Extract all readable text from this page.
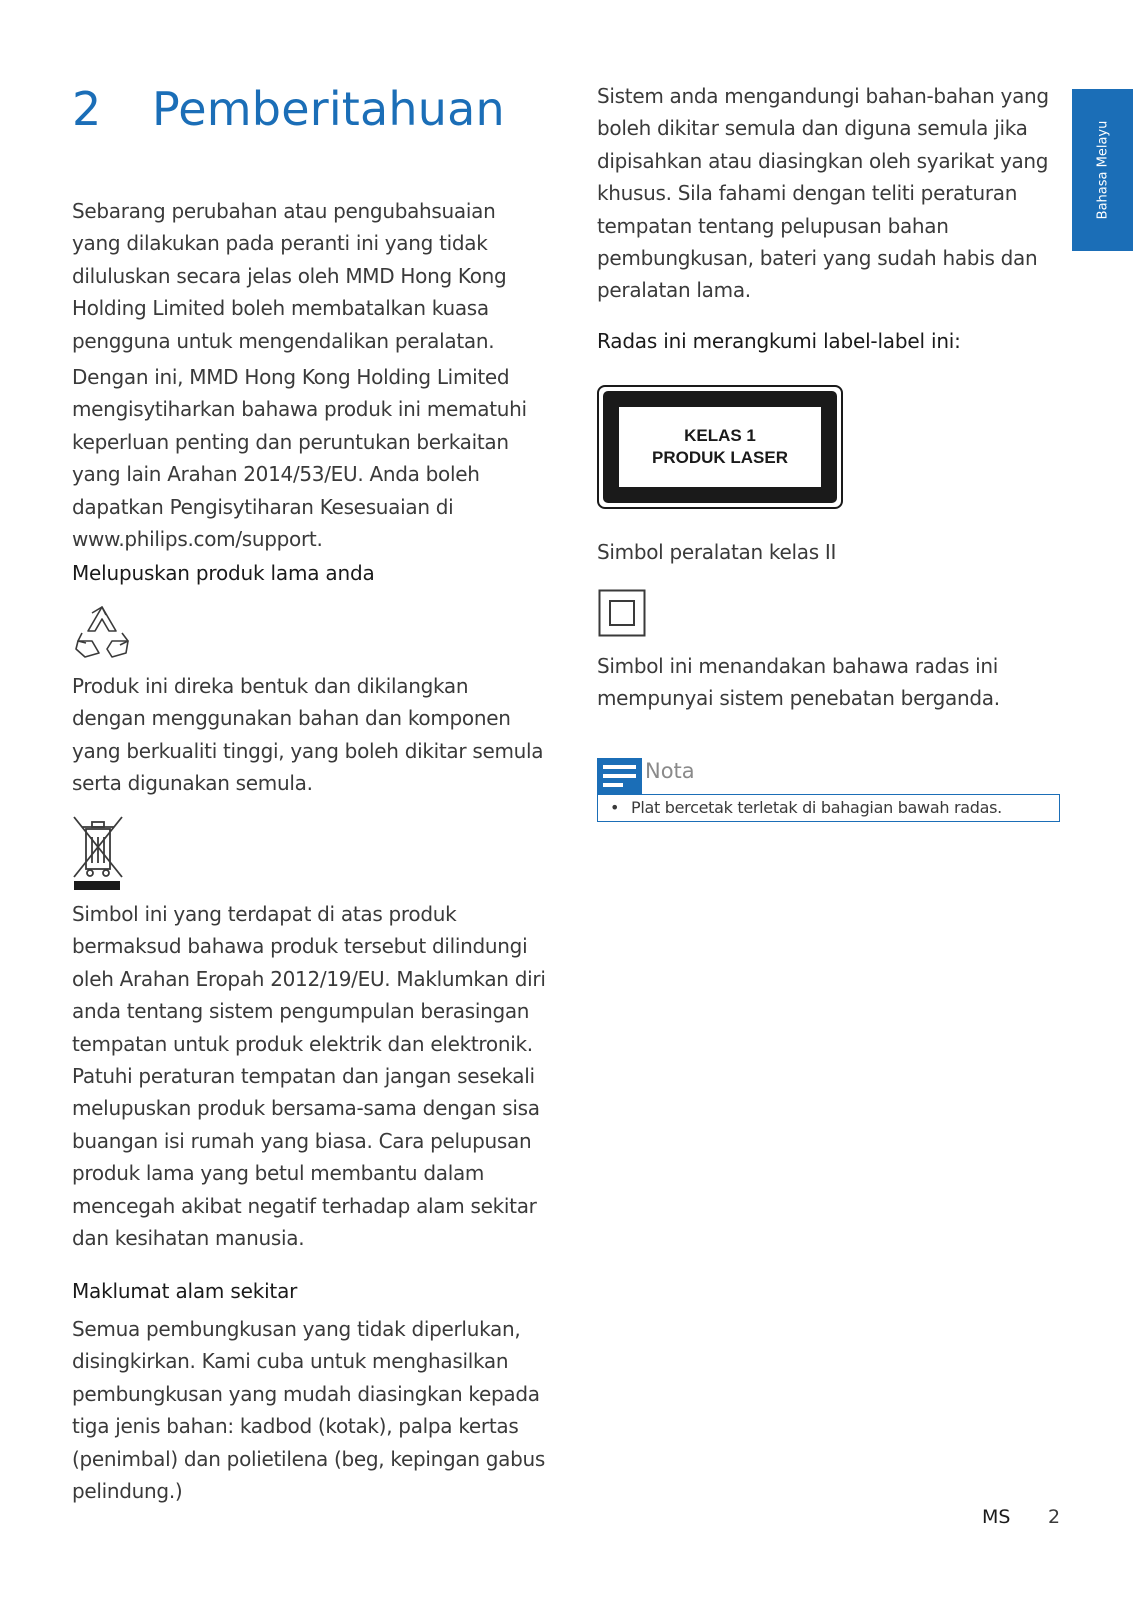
2 Pemberitahuan
Bahasa Melayu

Sebarang perubahan atau pengubahsuaian yang dilakukan pada peranti ini yang tidak diluluskan secara jelas oleh MMD Hong Kong Holding Limited boleh membatalkan kuasa pengguna untuk mengendalikan peralatan.

Dengan ini, MMD Hong Kong Holding Limited mengisytiharkan bahawa produk ini mematuhi keperluan penting dan peruntukan berkaitan yang lain Arahan 2014/53/EU. Anda boleh dapatkan Pengisytiharan Kesesuaian di www.philips.com/support.

Melupuskan produk lama anda

Produk ini direka bentuk dan dikilangkan dengan menggunakan bahan dan komponen yang berkualiti tinggi, yang boleh dikitar semula serta digunakan semula.

Simbol ini yang terdapat di atas produk bermaksud bahawa produk tersebut dilindungi oleh Arahan Eropah 2012/19/EU. Maklumkan diri anda tentang sistem pengumpulan berasingan tempatan untuk produk elektrik dan elektronik. Patuhi peraturan tempatan dan jangan sesekali melupuskan produk bersama-sama dengan sisa buangan isi rumah yang biasa. Cara pelupusan produk lama yang betul membantu dalam mencegah akibat negatif terhadap alam sekitar dan kesihatan manusia.

Maklumat alam sekitar

Semua pembungkusan yang tidak diperlukan, disingkirkan. Kami cuba untuk menghasilkan pembungkusan yang mudah diasingkan kepada tiga jenis bahan: kadbod (kotak), palpa kertas (penimbal) dan polietilena (beg, kepingan gabus pelindung.)

Sistem anda mengandungi bahan-bahan yang boleh dikitar semula dan diguna semula jika dipisahkan atau diasingkan oleh syarikat yang khusus. Sila fahami dengan teliti peraturan tempatan tentang pelupusan bahan pembungkusan, bateri yang sudah habis dan peralatan lama.

Radas ini merangkumi label-label ini:
KELAS 1
PRODUK LASER

Simbol peralatan kelas II

Simbol ini menandakan bahawa radas ini mempunyai sistem penebatan berganda.

Nota
• Plat bercetak terletak di bahagian bawah radas.
MS 2
